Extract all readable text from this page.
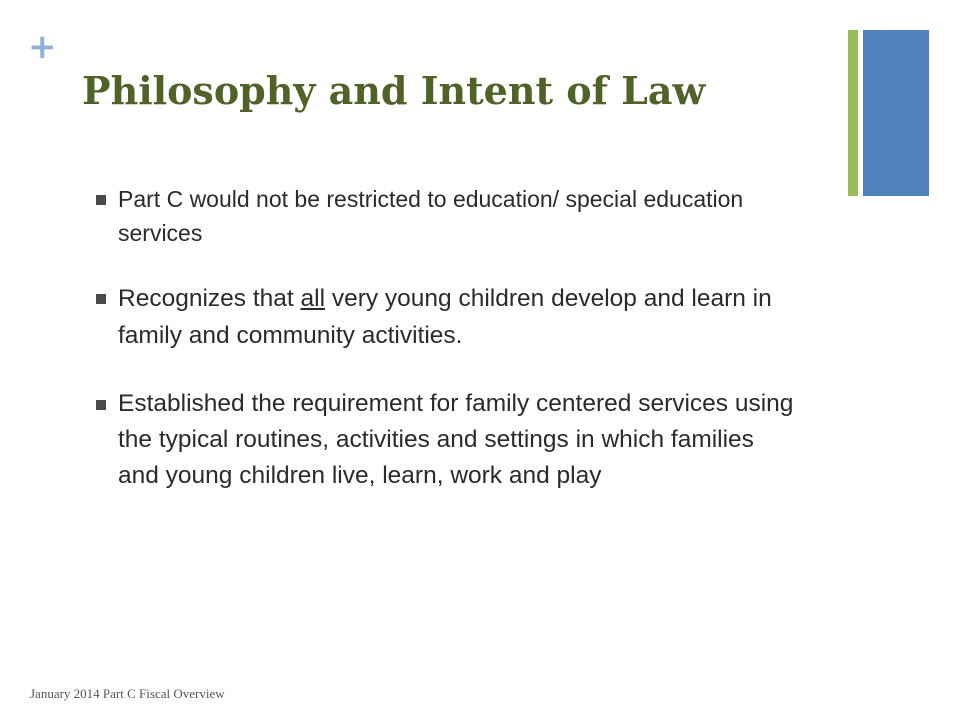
+
Philosophy and Intent of Law
Part C would not be restricted to education/ special education services
Recognizes that all very young children develop and learn in family and community activities.
Established the requirement for family centered services using the typical routines, activities and settings in which families and young children live, learn, work and play
January 2014 Part C Fiscal Overview
